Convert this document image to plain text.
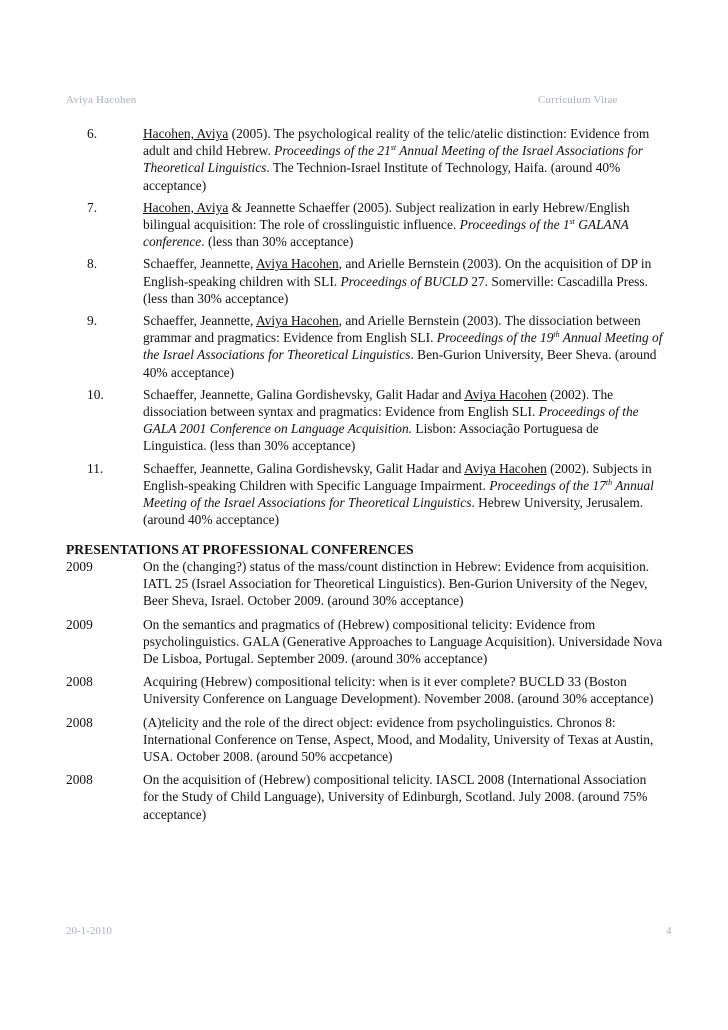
Aviya Hacohen	Curriculum Vitae
6.	Hacohen, Aviya (2005). The psychological reality of the telic/atelic distinction: Evidence from adult and child Hebrew. Proceedings of the 21st Annual Meeting of the Israel Associations for Theoretical Linguistics. The Technion-Israel Institute of Technology, Haifa. (around 40% acceptance)
7.	Hacohen, Aviya & Jeannette Schaeffer (2005). Subject realization in early Hebrew/English bilingual acquisition: The role of crosslinguistic influence. Proceedings of the 1st GALANA conference. (less than 30% acceptance)
8.	Schaeffer, Jeannette, Aviya Hacohen, and Arielle Bernstein (2003). On the acquisition of DP in English-speaking children with SLI. Proceedings of BUCLD 27. Somerville: Cascadilla Press. (less than 30% acceptance)
9.	Schaeffer, Jeannette, Aviya Hacohen, and Arielle Bernstein (2003). The dissociation between grammar and pragmatics: Evidence from English SLI. Proceedings of the 19th Annual Meeting of the Israel Associations for Theoretical Linguistics. Ben-Gurion University, Beer Sheva. (around 40% acceptance)
10.	Schaeffer, Jeannette, Galina Gordishevsky, Galit Hadar and Aviya Hacohen (2002). The dissociation between syntax and pragmatics: Evidence from English SLI. Proceedings of the GALA 2001 Conference on Language Acquisition. Lisbon: Associação Portuguesa de Linguistica. (less than 30% acceptance)
11.	Schaeffer, Jeannette, Galina Gordishevsky, Galit Hadar and Aviya Hacohen (2002). Subjects in English-speaking Children with Specific Language Impairment. Proceedings of the 17th Annual Meeting of the Israel Associations for Theoretical Linguistics. Hebrew University, Jerusalem. (around 40% acceptance)
PRESENTATIONS AT PROFESSIONAL CONFERENCES
2009	On the (changing?) status of the mass/count distinction in Hebrew: Evidence from acquisition. IATL 25 (Israel Association for Theoretical Linguistics). Ben-Gurion University of the Negev, Beer Sheva, Israel. October 2009. (around 30% acceptance)
2009	On the semantics and pragmatics of (Hebrew) compositional telicity: Evidence from psycholinguistics. GALA (Generative Approaches to Language Acquisition). Universidade Nova De Lisboa, Portugal. September 2009. (around 30% acceptance)
2008	Acquiring (Hebrew) compositional telicity: when is it ever complete? BUCLD 33 (Boston University Conference on Language Development). November 2008. (around 30% acceptance)
2008	(A)telicity and the role of the direct object: evidence from psycholinguistics. Chronos 8: International Conference on Tense, Aspect, Mood, and Modality, University of Texas at Austin, USA. October 2008. (around 50% accpetance)
2008	On the acquisition of (Hebrew) compositional telicity. IASCL 2008 (International Association for the Study of Child Language), University of Edinburgh, Scotland. July 2008. (around 75% acceptance)
20-1-2010	4
